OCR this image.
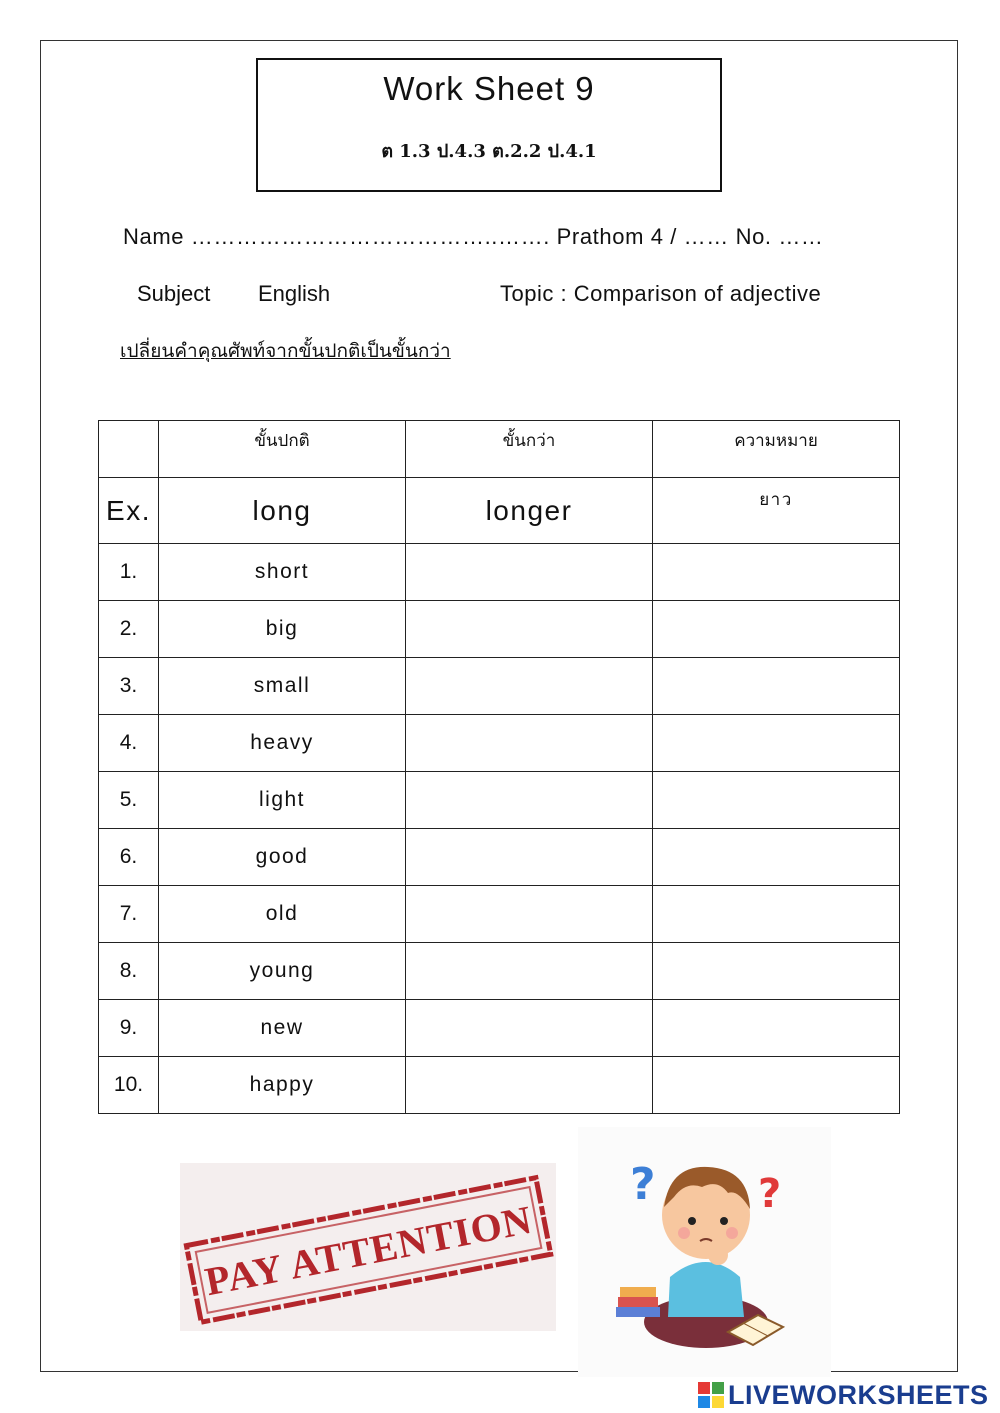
Work Sheet 9
ต 1.3 ป.4.3 ต.2.2 ป.4.1
Name …………………………………..……. Prathom 4 / …… No. ……
Subject English	Topic : Comparison of adjective
เปลี่ยนคำคุณศัพท์จากขั้นปกติเป็นขั้นกว่า
	ขั้นปกติ	ขั้นกว่า	ความหมาย
Ex.	long	longer	ยาว
1.	short		
2.	big		
3.	small		
4.	heavy		
5.	light		
6.	good		
7.	old		
8.	young		
9.	new		
10.	happy		
PAY ATTENTION
?	?
LIVEWORKSHEETS
